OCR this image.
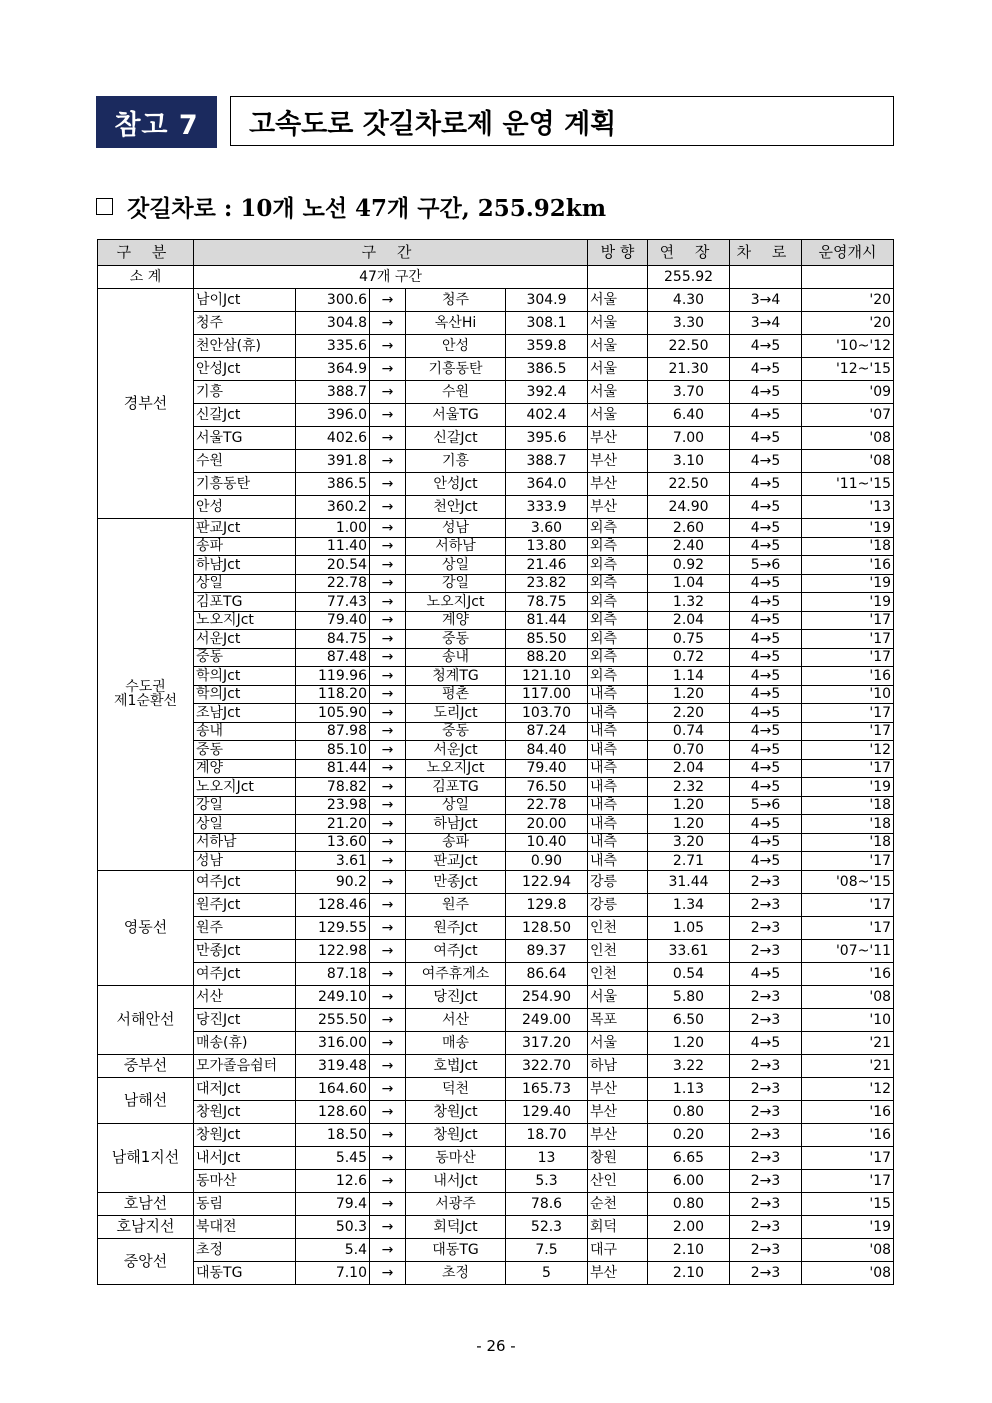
참고 7	고속도로 갓길차로제 운영 계획
갓길차로 : 10개 노선 47개 구간, 255.92km
구 분	구 간					방 향	연 장	차 로	운영개시
소 계	47개 구간						255.92		
경부선	남이Jct	300.6	→	청주	304.9	서울	4.30	3→4	'20
	청주	304.8	→	옥산Hi	308.1	서울	3.30	3→4	'20
	천안삼(휴)	335.6	→	안성	359.8	서울	22.50	4→5	'10~'12
	안성Jct	364.9	→	기흥동탄	386.5	서울	21.30	4→5	'12~'15
	기흥	388.7	→	수원	392.4	서울	3.70	4→5	'09
	신갈Jct	396.0	→	서울TG	402.4	서울	6.40	4→5	'07
	서울TG	402.6	→	신갈Jct	395.6	부산	7.00	4→5	'08
	수원	391.8	→	기흥	388.7	부산	3.10	4→5	'08
	기흥동탄	386.5	→	안성Jct	364.0	부산	22.50	4→5	'11~'15
	안성	360.2	→	천안Jct	333.9	부산	24.90	4→5	'13
수도권
제1순환선	판교Jct	1.00	→	성남	3.60	외측	2.60	4→5	'19
	송파	11.40	→	서하남	13.80	외측	2.40	4→5	'18
	하남Jct	20.54	→	상일	21.46	외측	0.92	5→6	'16
	상일	22.78	→	강일	23.82	외측	1.04	4→5	'19
	김포TG	77.43	→	노오지Jct	78.75	외측	1.32	4→5	'19
	노오지Jct	79.40	→	계양	81.44	외측	2.04	4→5	'17
	서운Jct	84.75	→	중동	85.50	외측	0.75	4→5	'17
	중동	87.48	→	송내	88.20	외측	0.72	4→5	'17
	학의Jct	119.96	→	청계TG	121.10	외측	1.14	4→5	'16
	학의Jct	118.20	→	평촌	117.00	내측	1.20	4→5	'10
	조남Jct	105.90	→	도리Jct	103.70	내측	2.20	4→5	'17
	송내	87.98	→	중동	87.24	내측	0.74	4→5	'17
	중동	85.10	→	서운Jct	84.40	내측	0.70	4→5	'12
	계양	81.44	→	노오지Jct	79.40	내측	2.04	4→5	'17
	노오지Jct	78.82	→	김포TG	76.50	내측	2.32	4→5	'19
	강일	23.98	→	상일	22.78	내측	1.20	5→6	'18
	상일	21.20	→	하남Jct	20.00	내측	1.20	4→5	'18
	서하남	13.60	→	송파	10.40	내측	3.20	4→5	'18
	성남	3.61	→	판교Jct	0.90	내측	2.71	4→5	'17
영동선	여주Jct	90.2	→	만종Jct	122.94	강릉	31.44	2→3	'08~'15
	원주Jct	128.46	→	원주	129.8	강릉	1.34	2→3	'17
	원주	129.55	→	원주Jct	128.50	인천	1.05	2→3	'17
	만종Jct	122.98	→	여주Jct	89.37	인천	33.61	2→3	'07~'11
	여주Jct	87.18	→	여주휴게소	86.64	인천	0.54	4→5	'16
서해안선	서산	249.10	→	당진Jct	254.90	서울	5.80	2→3	'08
	당진Jct	255.50	→	서산	249.00	목포	6.50	2→3	'10
	매송(휴)	316.00	→	매송	317.20	서울	1.20	4→5	'21
중부선	모가졸음쉼터	319.48	→	호법Jct	322.70	하남	3.22	2→3	'21
남해선	대저Jct	164.60	→	덕천	165.73	부산	1.13	2→3	'12
	창원Jct	128.60	→	창원Jct	129.40	부산	0.80	2→3	'16
남해1지선	창원Jct	18.50	→	창원Jct	18.70	부산	0.20	2→3	'16
	내서Jct	5.45	→	동마산	13	창원	6.65	2→3	'17
	동마산	12.6	→	내서Jct	5.3	산인	6.00	2→3	'17
호남선	동림	79.4	→	서광주	78.6	순천	0.80	2→3	'15
호남지선	북대전	50.3	→	회덕Jct	52.3	회덕	2.00	2→3	'19
중앙선	초정	5.4	→	대동TG	7.5	대구	2.10	2→3	'08
	대동TG	7.10	→	초정	5	부산	2.10	2→3	'08
- 26 -
